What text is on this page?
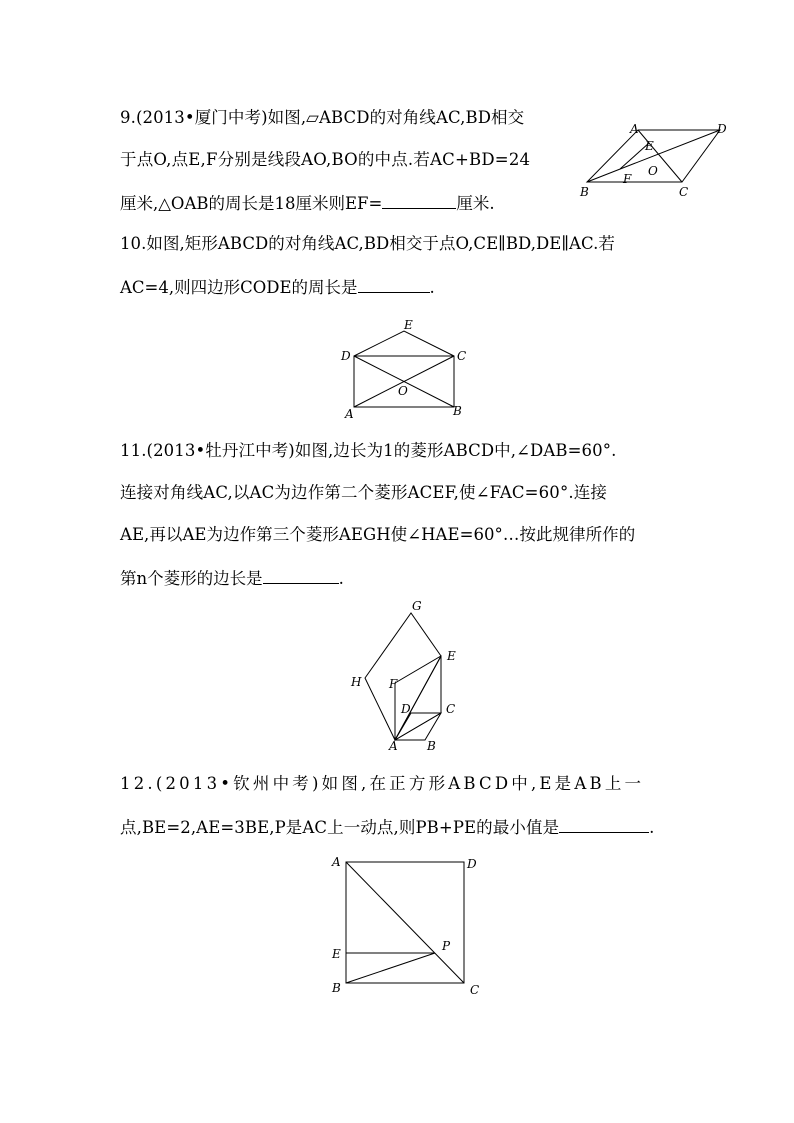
9.(2013•厦门中考)如图,▱ABCD的对角线AC,BD相交
于点O,点E,F分别是线段AO,BO的中点.若AC+BD=24
厘米,△OAB的周长是18厘米则EF=	厘米.
A	D
B	C
E
F
O
10.如图,矩形ABCD的对角线AC,BD相交于点O,CE∥BD,DE∥AC.若
AC=4,则四边形CODE的周长是	.
E
D	C
A	B
O
11.(2013•牡丹江中考)如图,边长为1的菱形ABCD中,∠DAB=60°.
连接对角线AC,以AC为边作第二个菱形ACEF,使∠FAC=60°.连接
AE,再以AE为边作第三个菱形AEGH使∠HAE=60°…按此规律所作的
第n个菱形的边长是	.
G
E
H F
D	C
A B
12.(2013•钦州中考)如图,在正方形ABCD中,E是AB上一
点,BE=2,AE=3BE,P是AC上一动点,则PB+PE的最小值是	.
A	D
E
P
B	C
